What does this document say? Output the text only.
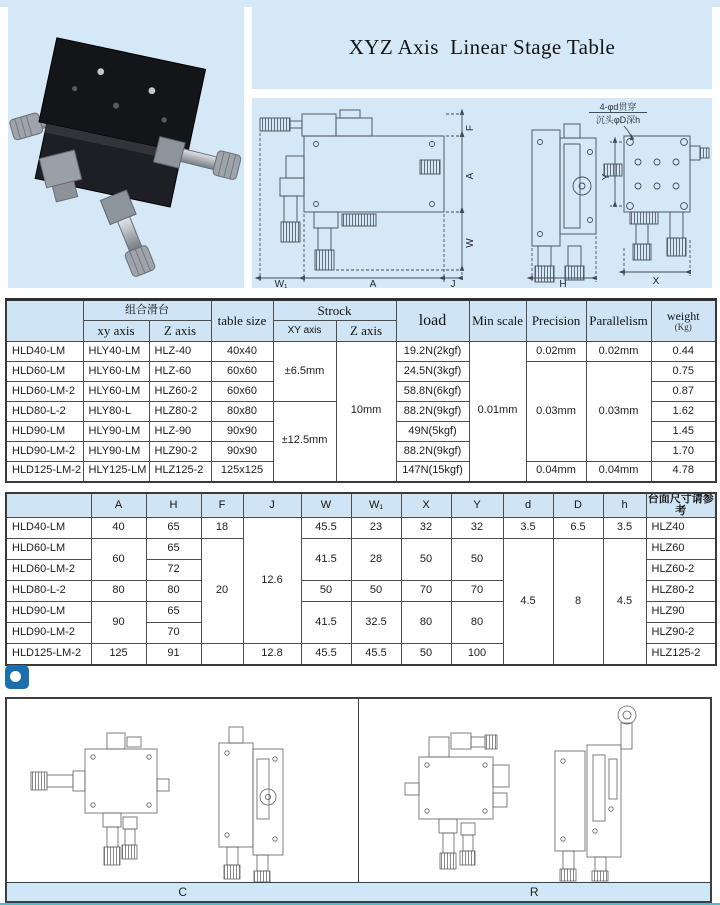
XYZ Axis  Linear Stage Table
F
A
W
W₁	A	J	H
Y
X
4-φd贯穿
沉头φD深h
	组合滑台		table size	Strock		load	Min scale	Precision	Parallelism	weight
(Kg)

	xy axis	Z axis		XY axis	Z axis					
HLD40-LM	HLY40-LM	HLZ-40	40x40	±6.5mm	10mm	19.2N(2kgf)	0.01mm	0.02mm	0.02mm	0.44
HLD60-LM	HLY60-LM	HLZ-60	60x60			24.5N(3kgf)		0.03mm	0.03mm	0.75
HLD60-LM-2	HLY60-LM	HLZ60-2	60x60			58.8N(6kgf)				0.87
HLD80-L-2	HLY80-L	HLZ80-2	80x80	±12.5mm		88.2N(9kgf)				1.62
HLD90-LM	HLY90-LM	HLZ-90	90x90			49N(5kgf)				1.45
HLD90-LM-2	HLY90-LM	HLZ90-2	90x90			88.2N(9kgf)				1.70
HLD125-LM-2	HLY125-LM	HLZ125-2	125x125			147N(15kgf)		0.04mm	0.04mm	4.78
	A	H	F	J	W	W₁	X	Y	d	D	h	台面尺寸请参考
HLD40-LM	40	65	18	12.6	45.5	23	32	32	3.5	6.5	3.5	HLZ40
HLD60-LM	60	65	20		41.5	28	50	50	4.5	8	4.5	HLZ60
HLD60-LM-2		72										HLZ60-2
HLD80-L-2	80	80			50	50	70	70				HLZ80-2
HLD90-LM	90	65			41.5	32.5	80	80				HLZ90
HLD90-LM-2		70										HLZ90-2
HLD125-LM-2	125	91		12.8	45.5	45.5	50	100				HLZ125-2
C	R
